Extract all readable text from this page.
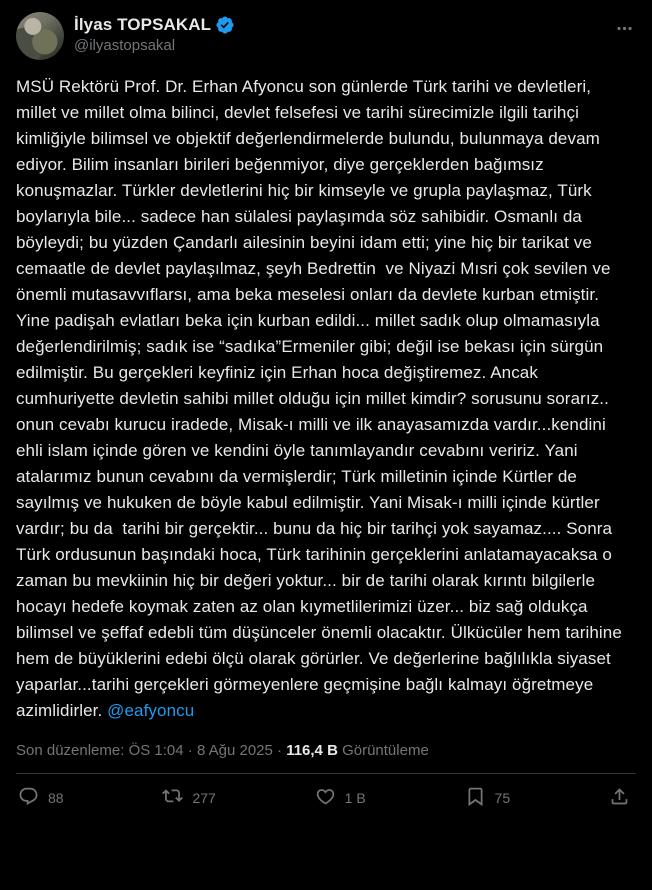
İlyas TOPSAKAL
@ilyastopsakal

MSÜ Rektörü Prof. Dr. Erhan Afyoncu son günlerde Türk tarihi ve devletleri, millet ve millet olma bilinci, devlet felsefesi ve tarihi sürecimizle ilgili tarihçi kimliğiyle bilimsel ve objektif değerlendirmelerde bulundu, bulunmaya devam ediyor. Bilim insanları birileri beğenmiyor, diye gerçeklerden bağımsız konuşmazlar. Türkler devletlerini hiç bir kimseyle ve grupla paylaşmaz, Türk boylarıyla bile... sadece han sülalesi paylaşımda söz sahibidir. Osmanlı da böyleydi; bu yüzden Çandarlı ailesinin beyini idam etti; yine hiç bir tarikat ve cemaatle de devlet paylaşılmaz, şeyh Bedrettin  ve Niyazi Mısri çok sevilen ve önemli mutasavvıflarsı, ama beka meselesi onları da devlete kurban etmiştir. Yine padişah evlatları beka için kurban edildi... millet sadık olup olmamasıyla değerlendirilmiş; sadık ise “sadıka”Ermeniler gibi; değil ise bekası için sürgün edilmiştir. Bu gerçekleri keyfiniz için Erhan hoca değiştiremez. Ancak cumhuriyette devletin sahibi millet olduğu için millet kimdir? sorusunu sorarız.. onun cevabı kurucu iradede, Misak-ı milli ve ilk anayasamızda vardır...kendini ehli islam içinde gören ve kendini öyle tanımlayandır cevabını veririz. Yani atalarımız bunun cevabını da vermişlerdir; Türk milletinin içinde Kürtler de sayılmış ve hukuken de böyle kabul edilmiştir. Yani Misak-ı milli içinde kürtler vardır; bu da  tarihi bir gerçektir... bunu da hiç bir tarihçi yok sayamaz.... Sonra Türk ordusunun başındaki hoca, Türk tarihinin gerçeklerini anlatamayacaksa o zaman bu mevkiinin hiç bir değeri yoktur... bir de tarihi olarak kırıntı bilgilerle hocayı hedefe koymak zaten az olan kıymetlilerimizi üzer... biz sağ oldukça bilimsel ve şeffaf edebli tüm düşünceler önemli olacaktır. Ülkücüler hem tarihine hem de büyüklerini edebi ölçü olarak görürler. Ve değerlerine bağlılıkla siyaset yaparlar...tarihi gerçekleri görmeyenlere geçmişine bağlı kalmayı öğretmeye azimlidirler. @eafyoncu

Son düzenleme: ÖS 1:04 · 8 Ağu 2025 · 116,4 B Görüntüleme
88	277	1 B	75
